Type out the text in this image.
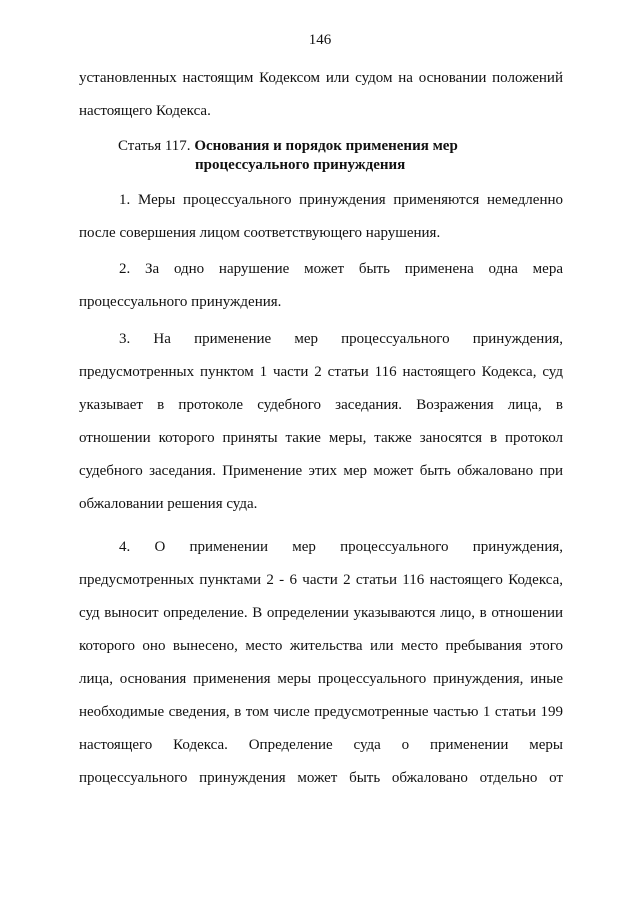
146
установленных настоящим Кодексом или судом на основании положений
настоящего Кодекса.
Статья 117. Основания и порядок применения мер
процессуального принуждения
1. Меры процессуального принуждения применяются немедленно
после совершения лицом соответствующего нарушения.
2. За одно нарушение может быть применена одна мера
процессуального принуждения.
3. На применение мер процессуального принуждения,
предусмотренных пунктом 1 части 2 статьи 116 настоящего Кодекса, суд
указывает в протоколе судебного заседания. Возражения лица, в
отношении которого приняты такие меры, также заносятся в протокол
судебного заседания. Применение этих мер может быть обжаловано при
обжаловании решения суда.
4. О применении мер процессуального принуждения,
предусмотренных пунктами 2 - 6 части 2 статьи 116 настоящего Кодекса,
суд выносит определение. В определении указываются лицо, в отношении
которого оно вынесено, место жительства или место пребывания этого
лица, основания применения меры процессуального принуждения, иные
необходимые сведения, в том числе предусмотренные частью 1 статьи 199
настоящего Кодекса. Определение суда о применении меры
процессуального принуждения может быть обжаловано отдельно от
